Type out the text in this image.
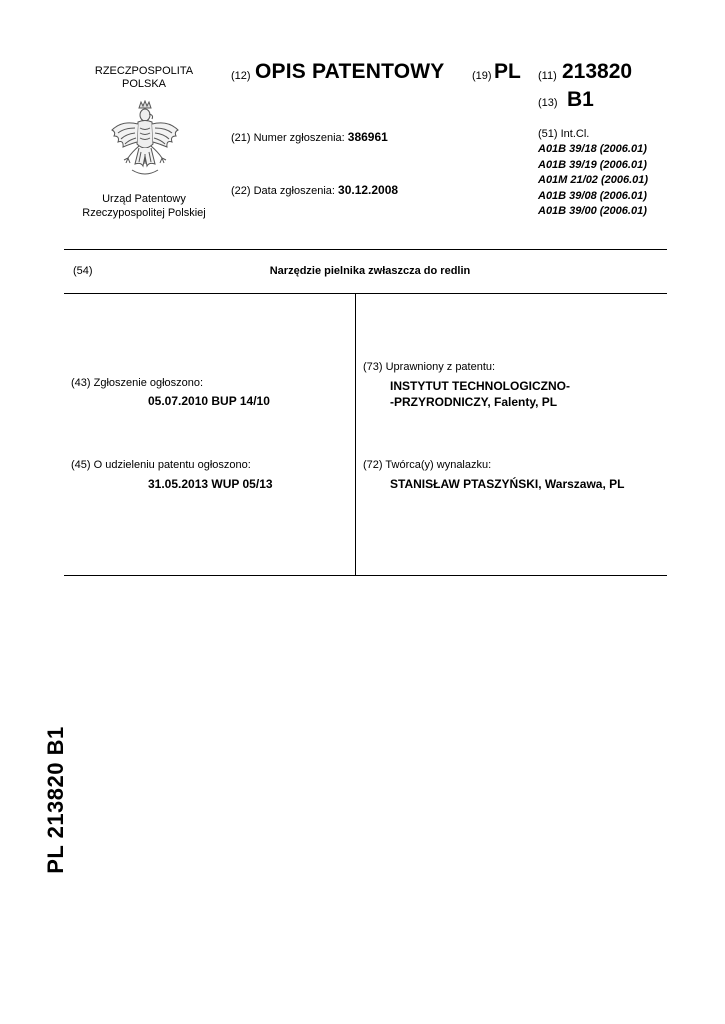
RZECZPOSPOLITA
POLSKA
Urząd Patentowy
Rzeczypospolitej Polskiej
(12) OPIS PATENTOWY	(19) PL (11) 213820
(13) B1
(21) Numer zgłoszenia: 386961
(22) Data zgłoszenia: 30.12.2008
(51) Int.Cl.
A01B 39/18 (2006.01)
A01B 39/19 (2006.01)
A01M 21/02 (2006.01)
A01B 39/08 (2006.01)
A01B 39/00 (2006.01)
(54)	Narzędzie pielnika zwłaszcza do redlin
(43) Zgłoszenie ogłoszono:
05.07.2010 BUP 14/10
(45) O udzieleniu patentu ogłoszono:
31.05.2013 WUP 05/13
(73) Uprawniony z patentu:
INSTYTUT TECHNOLOGICZNO-
-PRZYRODNICZY, Falenty, PL
(72) Twórca(y) wynalazku:
STANISŁAW PTASZYŃSKI, Warszawa, PL
PL 213820 B1
